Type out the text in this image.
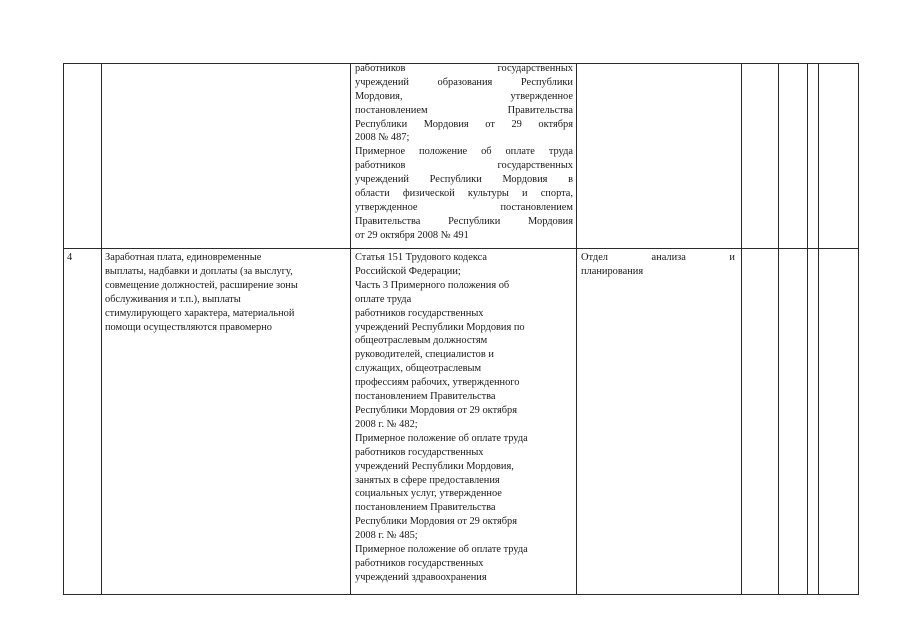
работников государственных
учреждений образования Республики
Мордовия, утвержденное
постановлением Правительства
Республики Мордовия от 29 октября
2008 № 487;
Примерное положение об оплате труда
работников государственных
учреждений Республики Мордовия в
области физической культуры и спорта,
утвержденное постановлением
Правительства Республики Мордовия
от 29 октября 2008 № 491
4	Заработная плата, единовременные
выплаты, надбавки и доплаты (за выслугу,
совмещение должностей, расширение зоны
обслуживания и т.п.), выплаты
стимулирующего характера, материальной
помощи осуществляются правомерно
Статья 151 Трудового кодекса
Российской Федерации;
Часть 3 Примерного положения об
оплате труда
работников государственных
учреждений Республики Мордовия по
общеотраслевым должностям
руководителей, специалистов и
служащих, общеотраслевым
профессиям рабочих, утвержденного
постановлением Правительства
Республики Мордовия от 29 октября
2008 г. № 482;
Примерное положение об оплате труда
работников государственных
учреждений Республики Мордовия,
занятых в сфере предоставления
социальных услуг, утвержденное
постановлением Правительства
Республики Мордовия от 29 октября
2008 г. № 485;
Примерное положение об оплате труда
работников государственных
учреждений здравоохранения
Отдел анализа и
планирования
